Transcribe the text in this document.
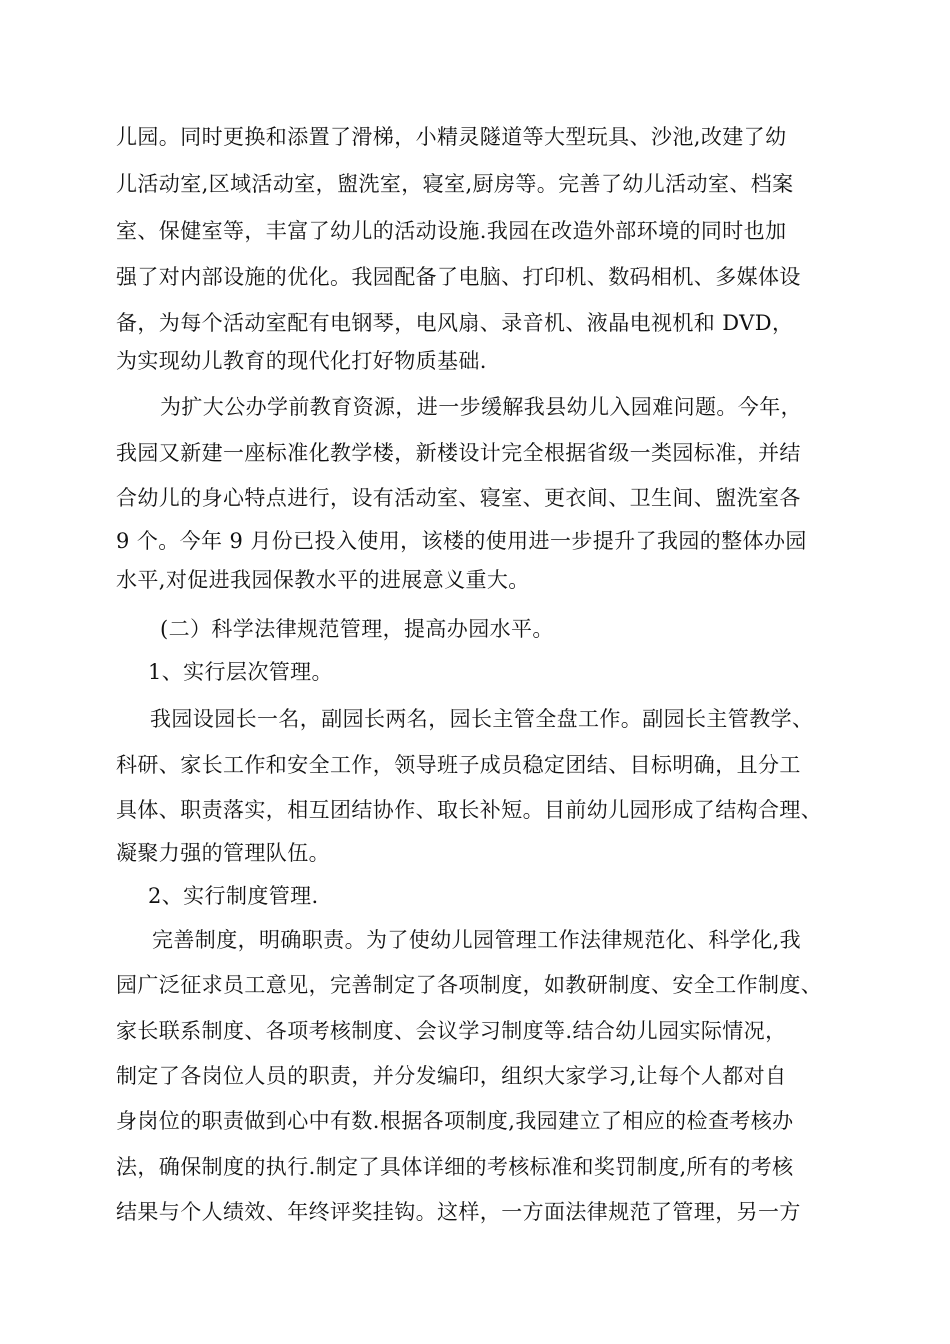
儿园。同时更换和添置了滑梯，小精灵隧道等大型玩具、沙池,改建了幼
儿活动室,区域活动室，盥洗室，寝室,厨房等。完善了幼儿活动室、档案
室、保健室等，丰富了幼儿的活动设施.我园在改造外部环境的同时也加
强了对内部设施的优化。我园配备了电脑、打印机、数码相机、多媒体设
备，为每个活动室配有电钢琴，电风扇、录音机、液晶电视机和 DVD，
为实现幼儿教育的现代化打好物质基础.
为扩大公办学前教育资源，进一步缓解我县幼儿入园难问题。今年，
我园又新建一座标准化教学楼，新楼设计完全根据省级一类园标准，并结
合幼儿的身心特点进行，设有活动室、寝室、更衣间、卫生间、盥洗室各
9 个。今年 9 月份已投入使用，该楼的使用进一步提升了我园的整体办园
水平,对促进我园保教水平的进展意义重大。
(二）科学法律规范管理，提高办园水平。
1、实行层次管理。
我园设园长一名，副园长两名，园长主管全盘工作。副园长主管教学、
科研、家长工作和安全工作，领导班子成员稳定团结、目标明确，且分工
具体、职责落实，相互团结协作、取长补短。目前幼儿园形成了结构合理、
凝聚力强的管理队伍。
2、实行制度管理.
完善制度，明确职责。为了使幼儿园管理工作法律规范化、科学化,我
园广泛征求员工意见，完善制定了各项制度，如教研制度、安全工作制度、
家长联系制度、各项考核制度、会议学习制度等.结合幼儿园实际情况，
制定了各岗位人员的职责，并分发编印，组织大家学习,让每个人都对自
身岗位的职责做到心中有数.根据各项制度,我园建立了相应的检查考核办
法，确保制度的执行.制定了具体详细的考核标准和奖罚制度,所有的考核
结果与个人绩效、年终评奖挂钩。这样，一方面法律规范了管理，另一方
